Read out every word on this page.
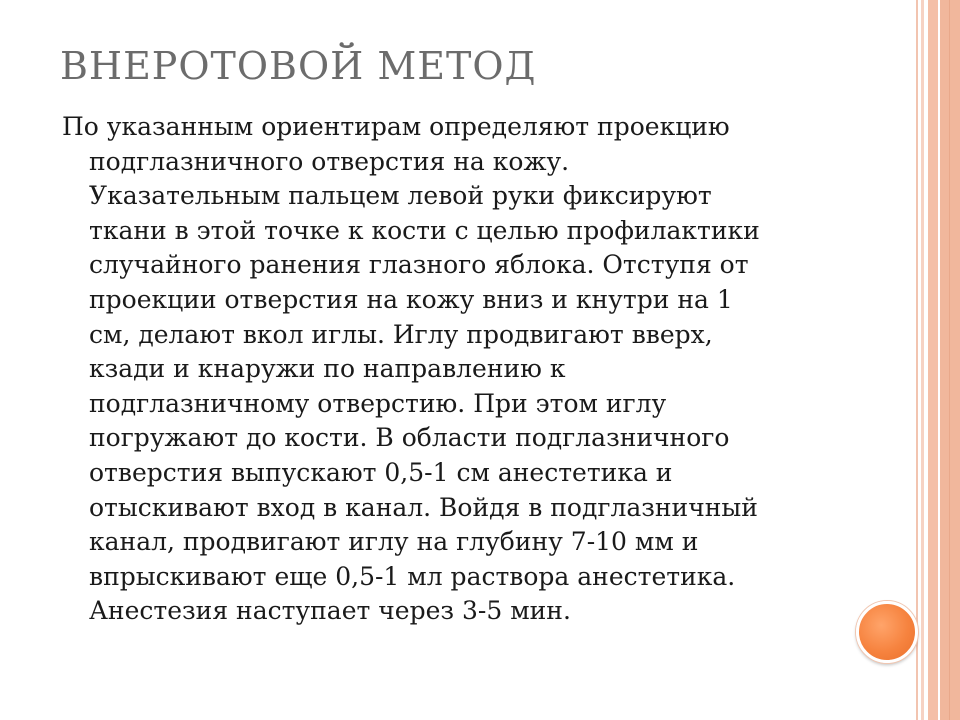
ВНЕРОТОВОЙ МЕТОД
По указанным ориентирам определяют проекцию
подглазничного отверстия на кожу.
Указательным пальцем левой руки фиксируют
ткани в этой точке к кости с целью профилактики
случайного ранения глазного яблока. Отступя от
проекции отверстия на кожу вниз и кнутри на 1
см, делают вкол иглы. Иглу продвигают вверх,
кзади и кнаружи по направлению к
подглазничному отверстию. При этом иглу
погружают до кости. В области подглазничного
отверстия выпускают 0,5-1 см анестетика и
отыскивают вход в канал. Войдя в подглазничный
канал, продвигают иглу на глубину 7-10 мм и
впрыскивают еще 0,5-1 мл раствора анестетика.
Анестезия наступает через 3-5 мин.
